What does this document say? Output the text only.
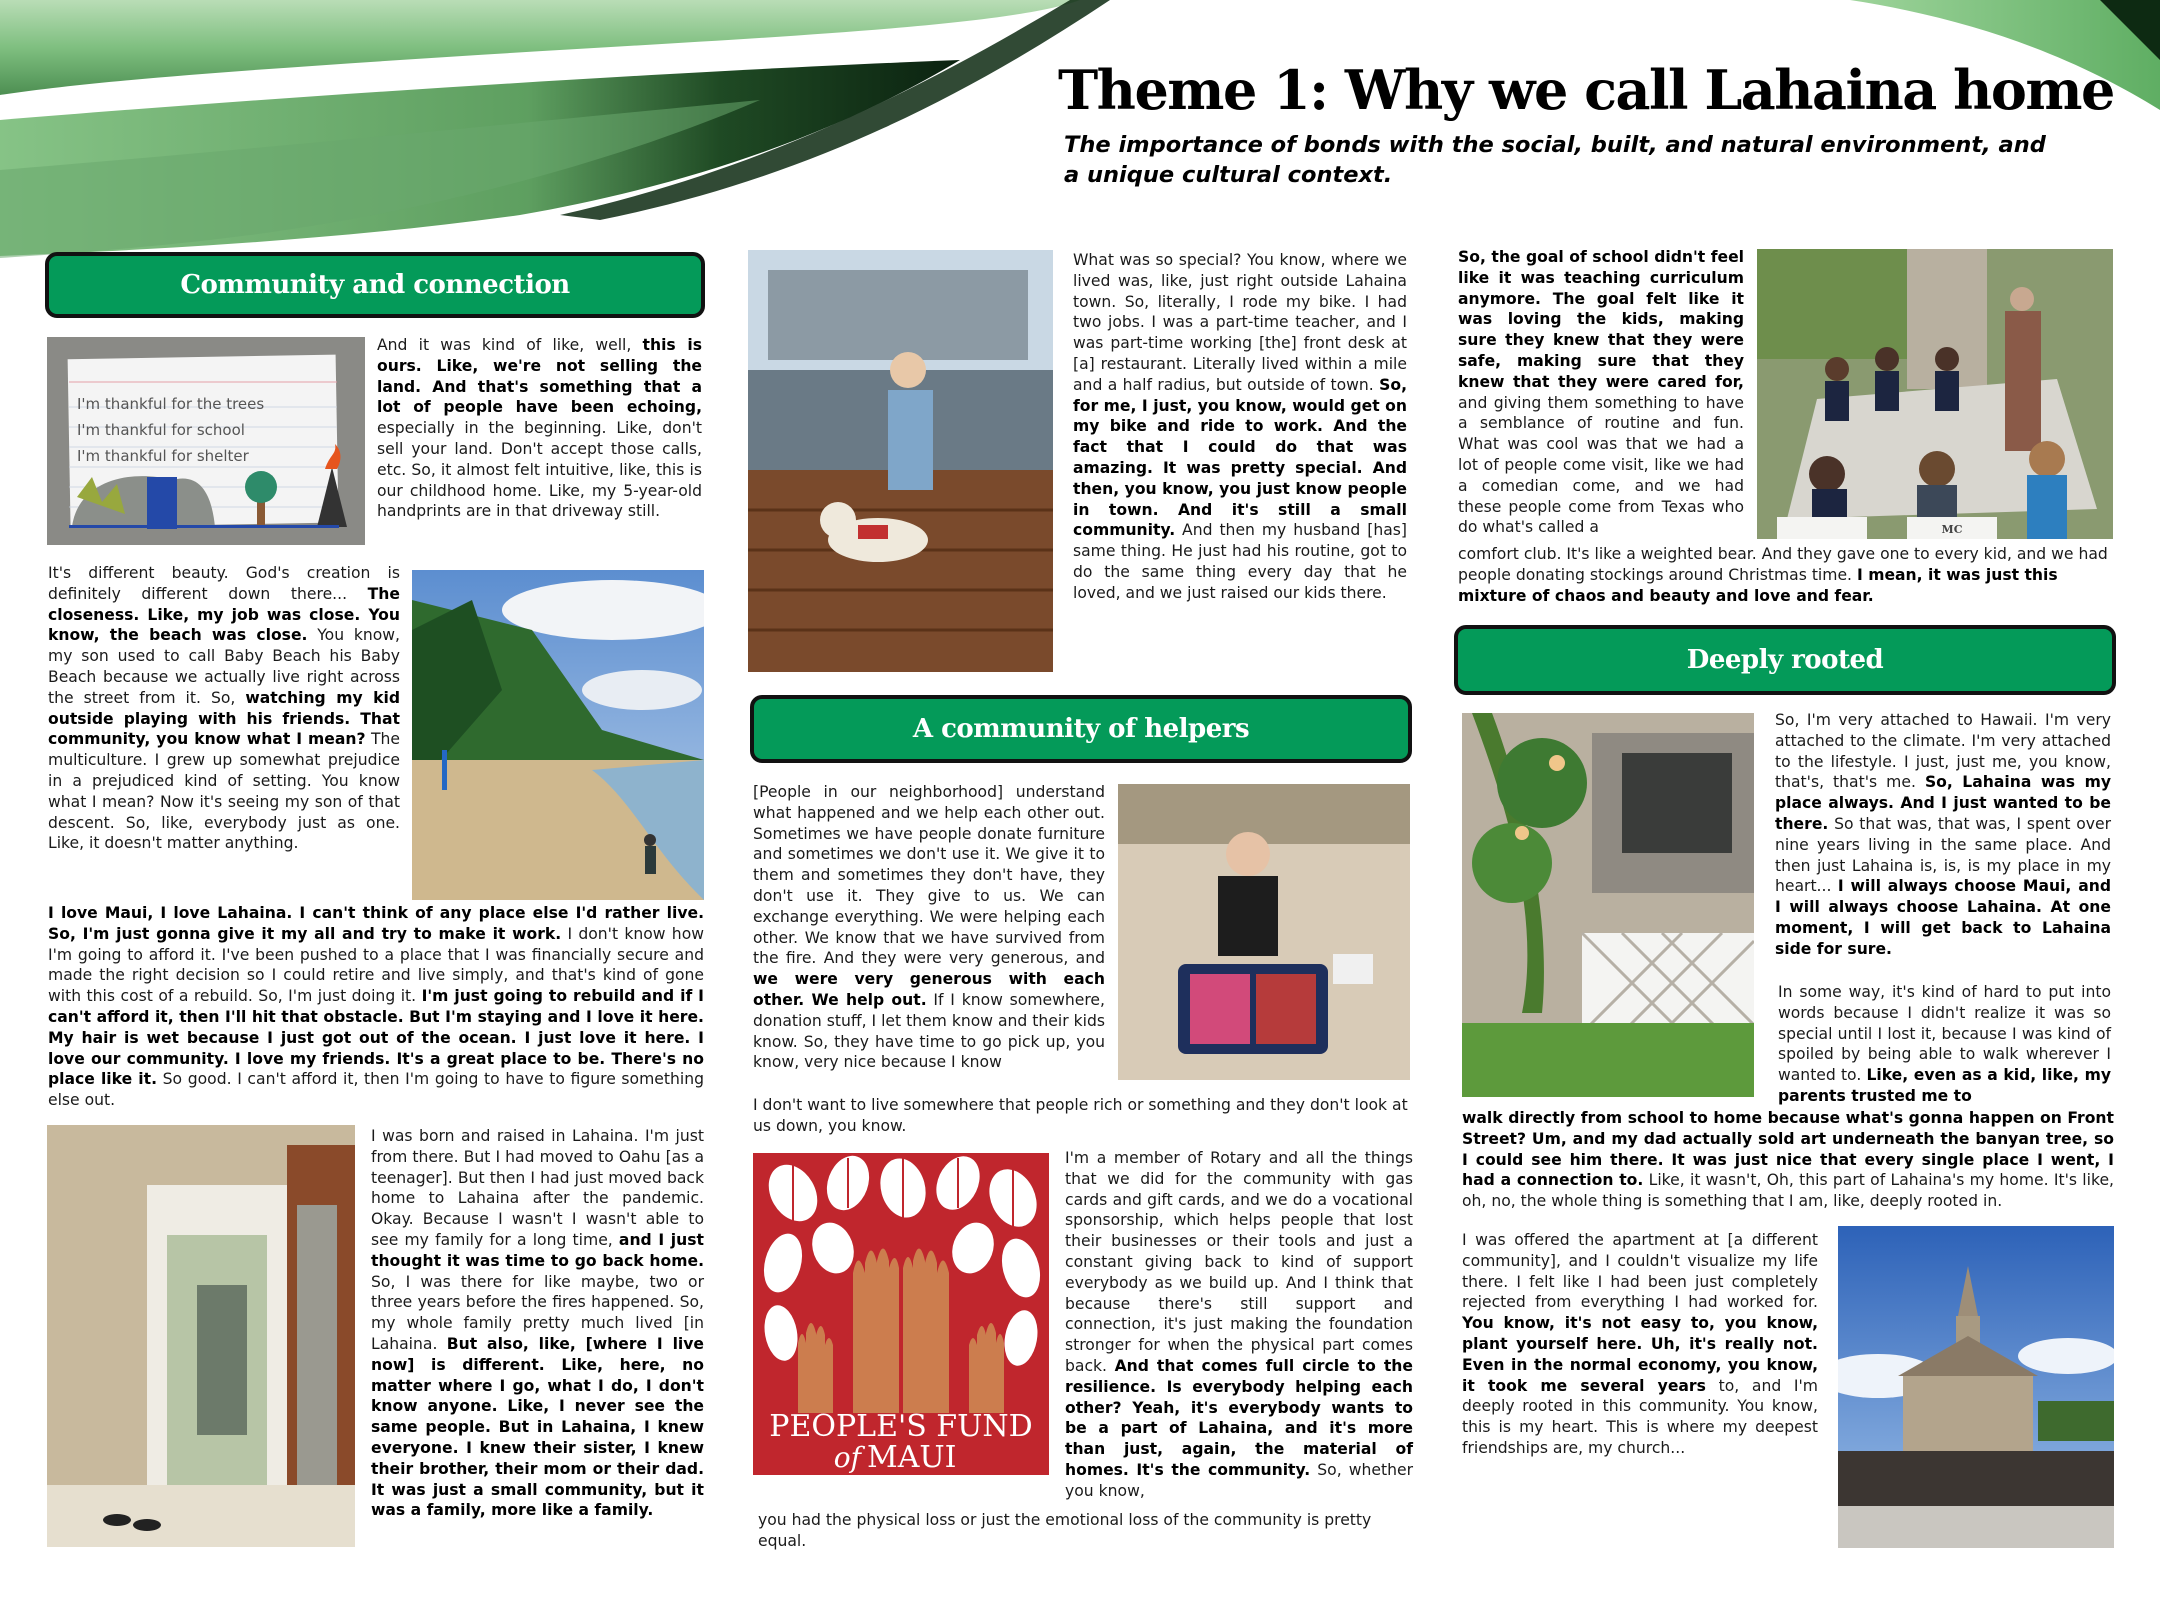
Theme 1: Why we call Lahaina home
The importance of bonds with the social, built, and natural environment, and a unique cultural context.
Community and connection
I'm thankful for the trees
I'm thankful for school
I'm thankful for shelter
And it was kind of like, well, this is ours. Like, we're not selling the land. And that's something that a lot of people have been echoing, especially in the beginning. Like, don't sell your land. Don't accept those calls, etc. So, it almost felt intuitive, like, this is our childhood home. Like, my 5-year-old handprints are in that driveway still.
It's different beauty. God's creation is definitely different down there... The closeness. Like, my job was close. You know, the beach was close. You know, my son used to call Baby Beach his Baby Beach because we actually live right across the street from it. So, watching my kid outside playing with his friends. That community, you know what I mean? The multiculture. I grew up somewhat prejudice in a prejudiced kind of setting. You know what I mean? Now it's seeing my son of that descent. So, like, everybody just as one. Like, it doesn't matter anything.
I love Maui, I love Lahaina. I can't think of any place else I'd rather live. So, I'm just gonna give it my all and try to make it work. I don't know how I'm going to afford it. I've been pushed to a place that I was financially secure and made the right decision so I could retire and live simply, and that's kind of gone with this cost of a rebuild. So, I'm just doing it. I'm just going to rebuild and if I can't afford it, then I'll hit that obstacle. But I'm staying and I love it here. My hair is wet because I just got out of the ocean. I just love it here. I love our community. I love my friends. It's a great place to be. There's no place like it. So good. I can't afford it, then I'm going to have to figure something else out.
I was born and raised in Lahaina. I'm just from there. But I had moved to Oahu [as a teenager]. But then I had just moved back home to Lahaina after the pandemic. Okay. Because I wasn't I wasn't able to see my family for a long time, and I just thought it was time to go back home. So, I was there for like maybe, two or three years before the fires happened. So, my whole family pretty much lived [in Lahaina. But also, like, [where I live now] is different. Like, here, no matter where I go, what I do, I don't know anyone. Like, I never see the same people. But in Lahaina, I knew everyone. I knew their sister, I knew their brother, their mom or their dad. It was just a small community, but it was a family, more like a family.
What was so special? You know, where we lived was, like, just right outside Lahaina town. So, literally, I rode my bike. I had two jobs. I was a part-time teacher, and I was part-time working [the] front desk at [a] restaurant. Literally lived within a mile and a half radius, but outside of town. So, for me, I just, you know, would get on my bike and ride to work. And the fact that I could do that was amazing. It was pretty special. And then, you know, you just know people in town. And it's still a small community. And then my husband [has] same thing. He just had his routine, got to do the same thing every day that he loved, and we just raised our kids there.
A community of helpers
[People in our neighborhood] understand what happened and we help each other out. Sometimes we have people donate furniture and sometimes we don't use it. We give it to them and sometimes they don't have, they don't use it. They give to us. We can exchange everything. We were helping each other. We know that we have survived from the fire. And they were very generous, and we were very generous with each other. We help out. If I know somewhere, donation stuff, I let them know and their kids know. So, they have time to go pick up, you know, very nice because I know
I don't want to live somewhere that people rich or something and they don't look at us down, you know.
PEOPLE'S FUND
of MAUI
I'm a member of Rotary and all the things that we did for the community with gas cards and gift cards, and we do a vocational sponsorship, which helps people that lost their businesses or their tools and just a constant giving back to kind of support everybody as we build up. And I think that because there's still support and connection, it's just making the foundation stronger for when the physical part comes back. And that comes full circle to the resilience. Is everybody helping each other? Yeah, it's everybody wants to be a part of Lahaina, and it's more than just, again, the material of homes. It's the community. So, whether you know,
you had the physical loss or just the emotional loss of the community is pretty equal.
So, the goal of school didn't feel like it was teaching curriculum anymore. The goal felt like it was loving the kids, making sure they knew that they were safe, making sure that they knew that they were cared for, and giving them something to have a semblance of routine and fun. What was cool was that we had a lot of people come visit, like we had a comedian come, and we had these people come from Texas who do what's called a	MC
comfort club. It's like a weighted bear. And they gave one to every kid, and we had people donating stockings around Christmas time. I mean, it was just this mixture of chaos and beauty and love and fear.
Deeply rooted
So, I'm very attached to Hawaii. I'm very attached to the climate. I'm very attached to the lifestyle. I just, just me, you know, that's, that's me. So, Lahaina was my place always. And I just wanted to be there. So that was, that was, I spent over nine years living in the same place. And then just Lahaina is, is, is my place in my heart... I will always choose Maui, and I will always choose Lahaina. At one moment, I will get back to Lahaina side for sure.
In some way, it's kind of hard to put into words because I didn't realize it was so special until I lost it, because I was kind of spoiled by being able to walk wherever I wanted to. Like, even as a kid, like, my parents trusted me to
walk directly from school to home because what's gonna happen on Front Street? Um, and my dad actually sold art underneath the banyan tree, so I could see him there. It was just nice that every single place I went, I had a connection to. Like, it wasn't, Oh, this part of Lahaina's my home. It's like, oh, no, the whole thing is something that I am, like, deeply rooted in.
I was offered the apartment at [a different community], and I couldn't visualize my life there. I felt like I had been just completely rejected from everything I had worked for. You know, it's not easy to, you know, plant yourself here. Uh, it's really not. Even in the normal economy, you know, it took me several years to, and I'm deeply rooted in this community. You know, this is my heart. This is where my deepest friendships are, my church...
